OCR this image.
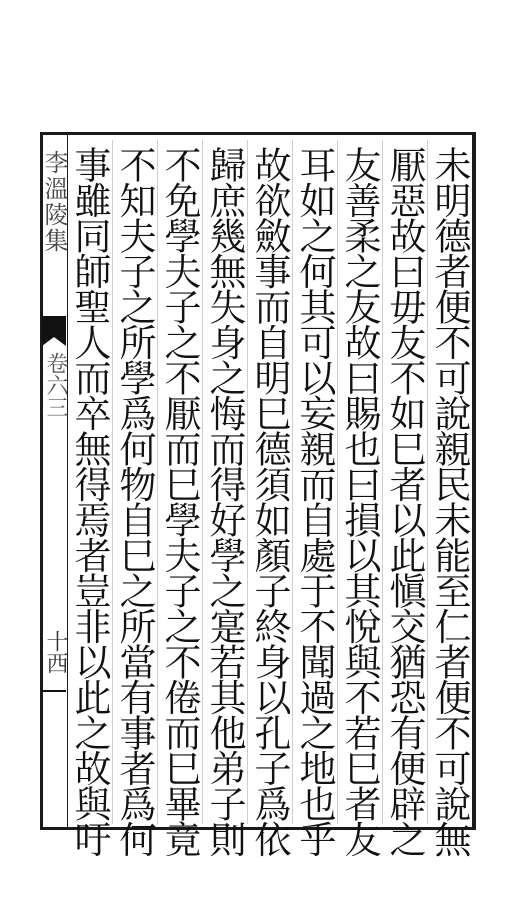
李溫陵集
卷六三
十西	未明德者便不可說親民未能至仁者便不可說無
厭惡故曰毋友不如巳者以此愼交猶恐有便辟之
友善柔之友故曰賜也曰損以其悅與不若巳者友
耳如之何其可以妄親而自處于不聞過之地也乎
故欲斂事而自明巳德須如顏子終身以孔子爲依
歸庶幾無失身之悔而得好學之寔若其他弟子則
不免學夫子之不厭而巳學夫子之不倦而巳畢竟
不知夫子之所學爲何物自巳之所當有事者爲何
事雖同師聖人而卒無得焉者豈非以此之故與吁
